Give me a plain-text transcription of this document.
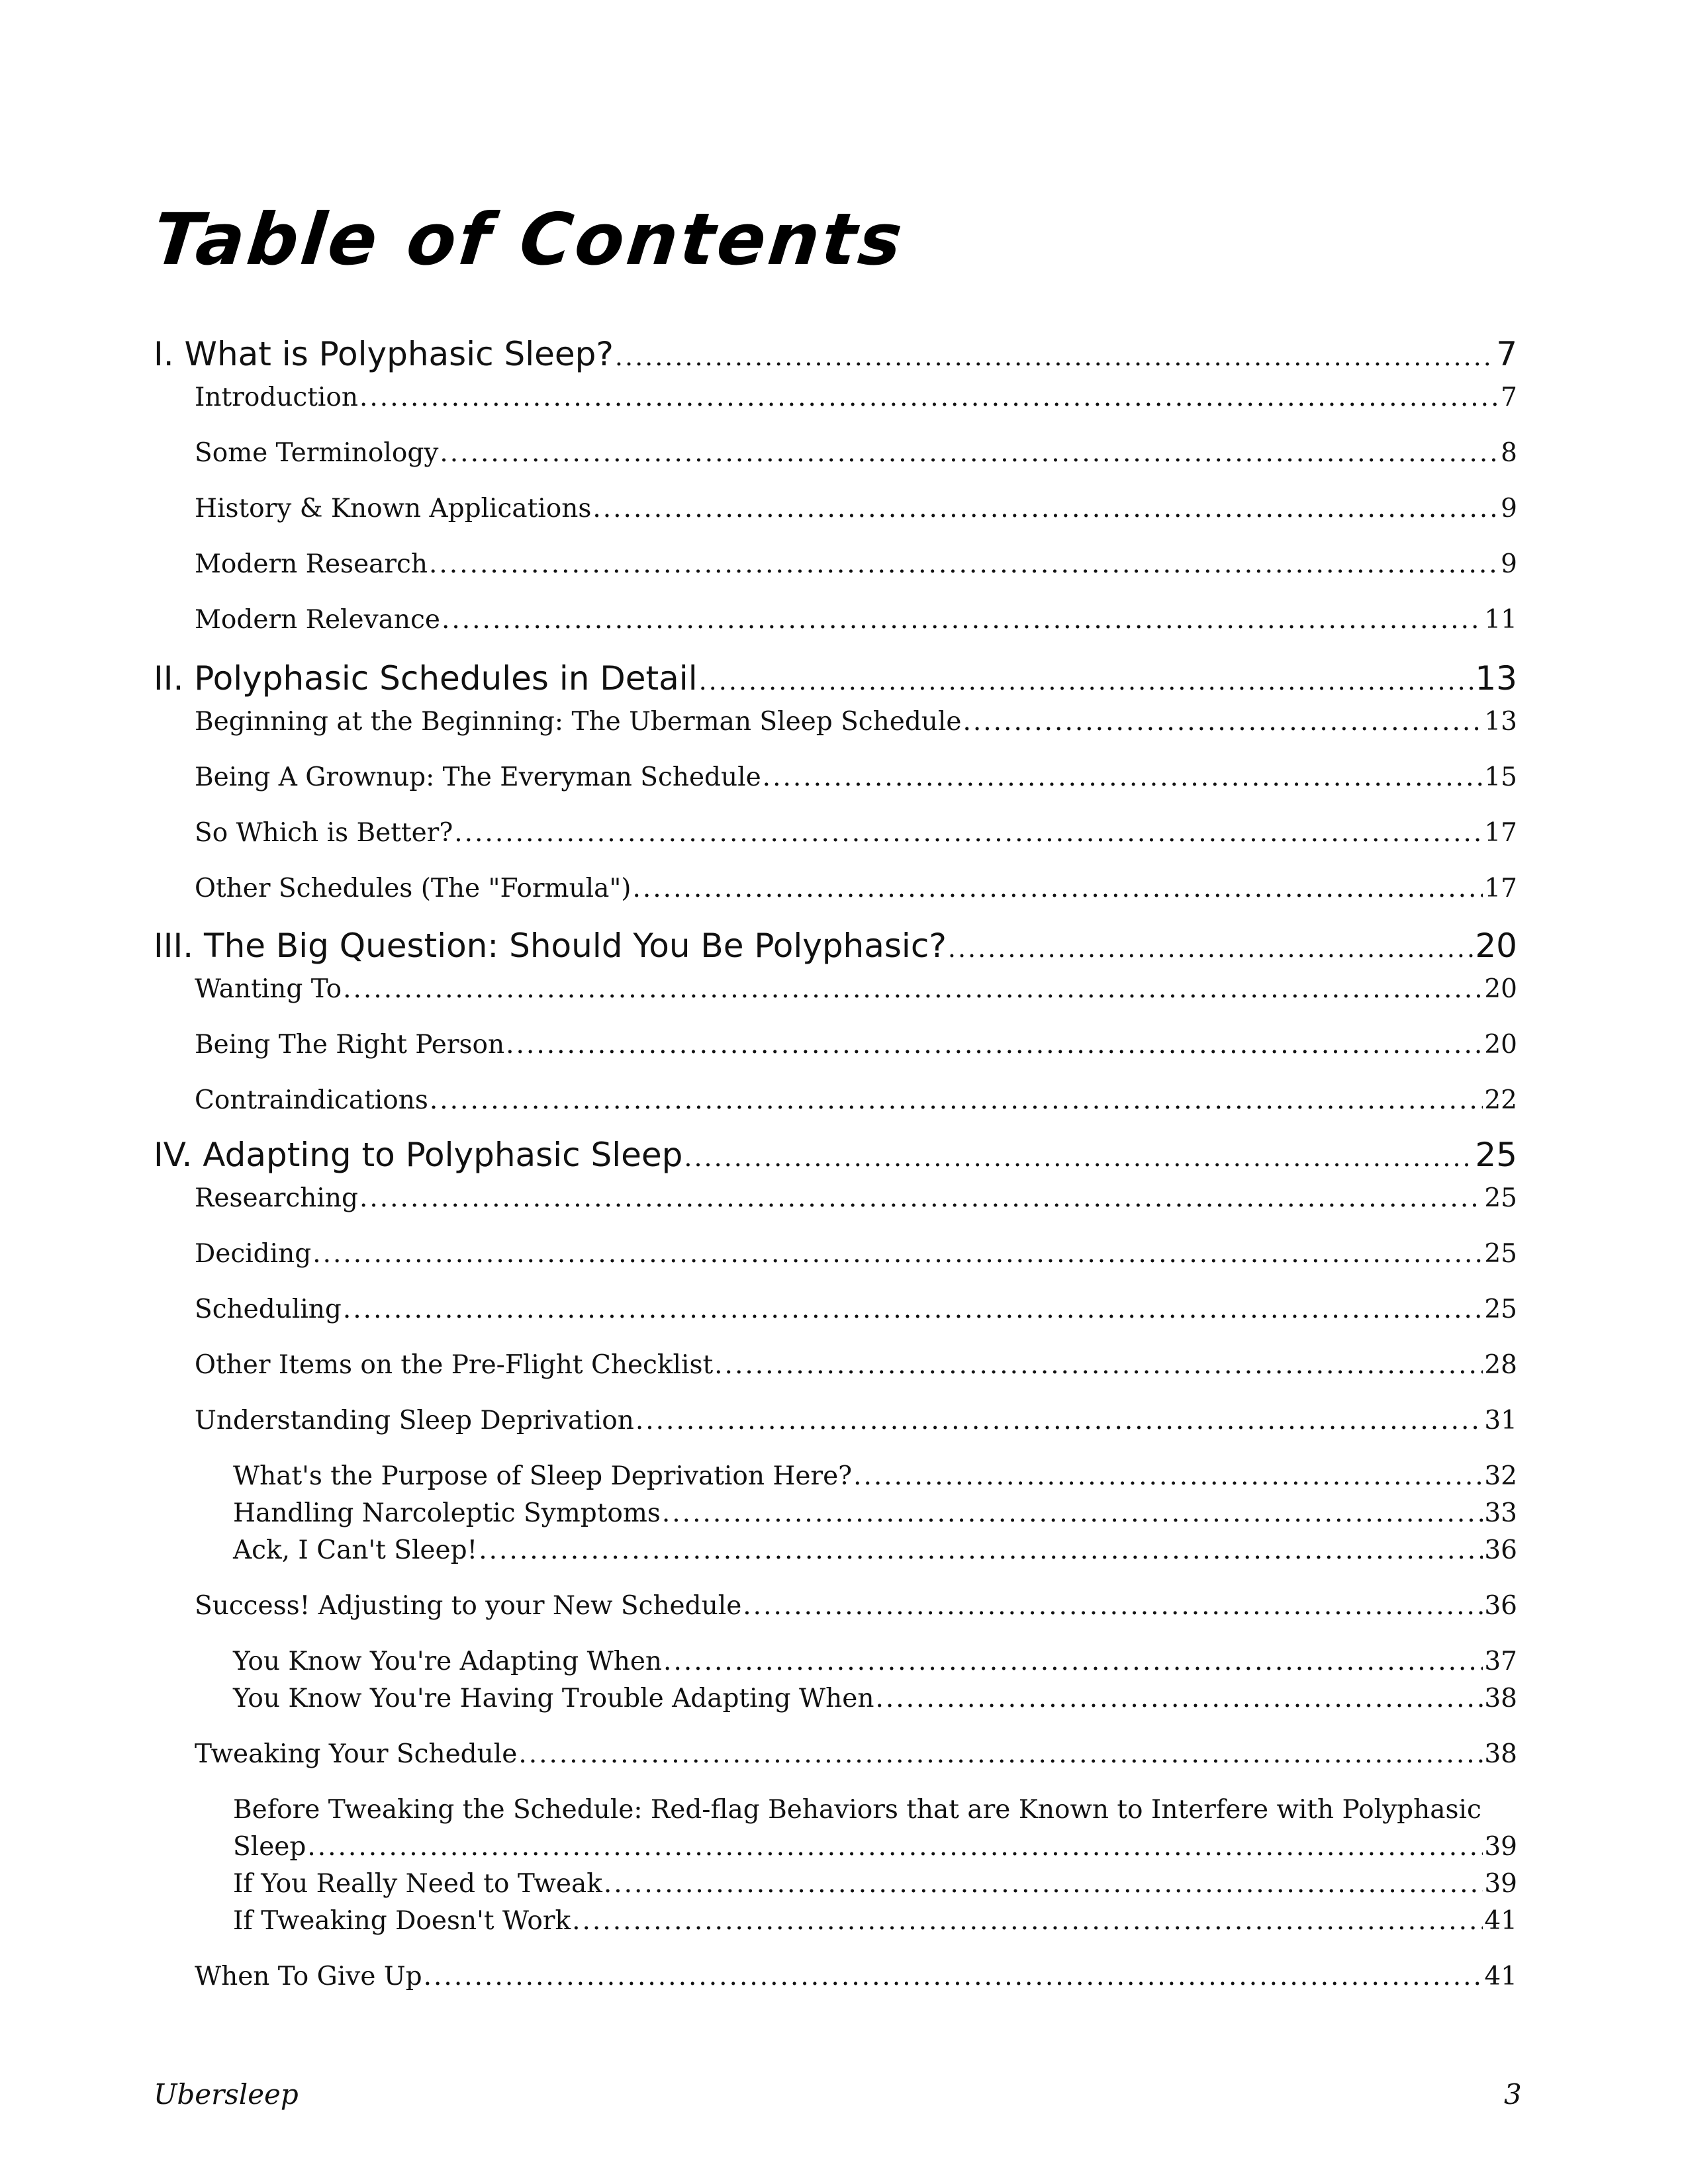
Table of Contents
I. What is Polyphasic Sleep? .....	7
Introduction .....	7
Some Terminology .....	8
History & Known Applications .....	9
Modern Research .....	9
Modern Relevance .....	11
II. Polyphasic Schedules in Detail .....	13
Beginning at the Beginning: The Uberman Sleep Schedule .....	13
Being A Grownup: The Everyman Schedule .....	15
So Which is Better? .....	17
Other Schedules (The "Formula") .....	17
III. The Big Question: Should You Be Polyphasic? .....	20
Wanting To .....	20
Being The Right Person .....	20
Contraindications .....	22
IV. Adapting to Polyphasic Sleep .....	25
Researching .....	25
Deciding .....	25
Scheduling .....	25
Other Items on the Pre-Flight Checklist .....	28
Understanding Sleep Deprivation .....	31
What's the Purpose of Sleep Deprivation Here? .....	32
Handling Narcoleptic Symptoms .....	33
Ack, I Can't Sleep! .....	36
Success! Adjusting to your New Schedule .....	36
You Know You're Adapting When .....	37
You Know You're Having Trouble Adapting When .....	38
Tweaking Your Schedule .....	38
Before Tweaking the Schedule: Red-flag Behaviors that are Known to Interfere with Polyphasic
Sleep .....	39
If You Really Need to Tweak .....	39
If Tweaking Doesn't Work .....	41
When To Give Up .....	41
Ubersleep	3
